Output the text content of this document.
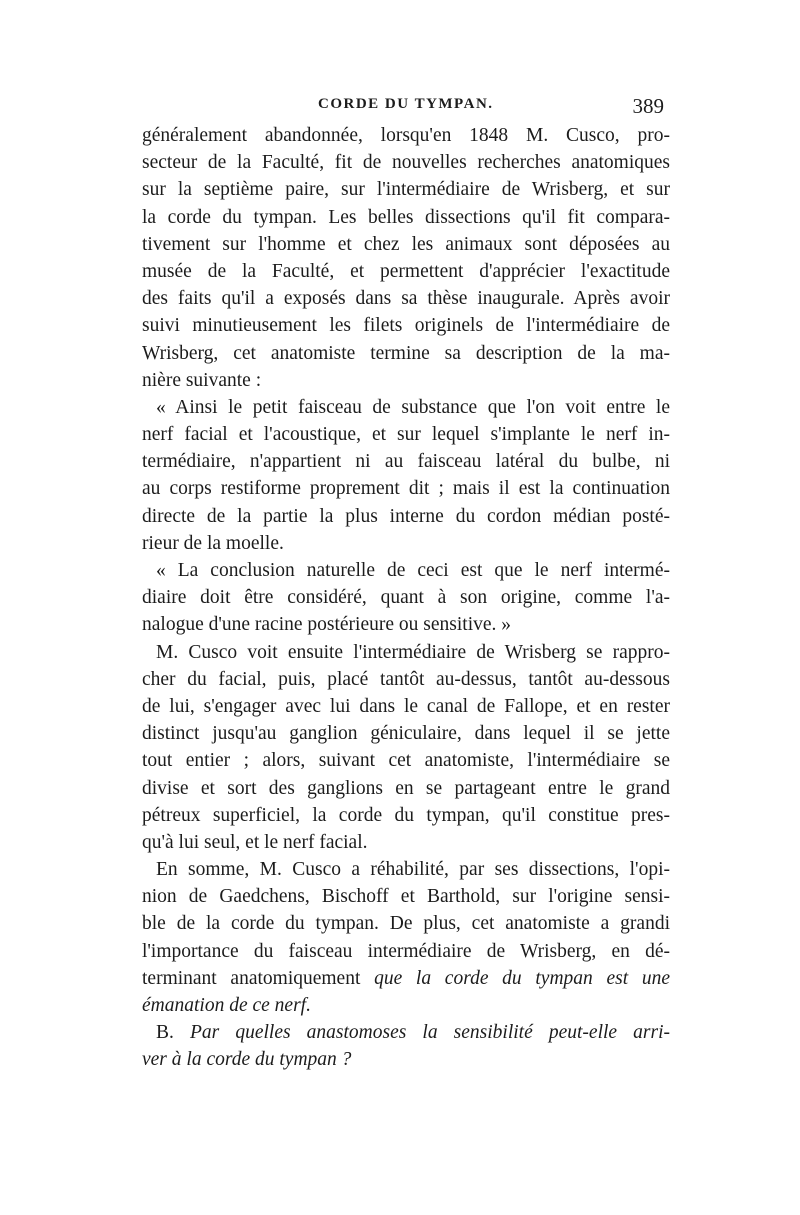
CORDE DU TYMPAN.	389
généralement abandonnée, lorsqu'en 1848 M. Cusco, pro-
secteur de la Faculté, fit de nouvelles recherches anatomiques
sur la septième paire, sur l'intermédiaire de Wrisberg, et sur
la corde du tympan. Les belles dissections qu'il fit compara-
tivement sur l'homme et chez les animaux sont déposées au
musée de la Faculté, et permettent d'apprécier l'exactitude
des faits qu'il a exposés dans sa thèse inaugurale. Après avoir
suivi minutieusement les filets originels de l'intermédiaire de
Wrisberg, cet anatomiste termine sa description de la ma-
nière suivante :
« Ainsi le petit faisceau de substance que l'on voit entre le
nerf facial et l'acoustique, et sur lequel s'implante le nerf in-
termédiaire, n'appartient ni au faisceau latéral du bulbe, ni
au corps restiforme proprement dit ; mais il est la continuation
directe de la partie la plus interne du cordon médian posté-
rieur de la moelle.
« La conclusion naturelle de ceci est que le nerf intermé-
diaire doit être considéré, quant à son origine, comme l'a-
nalogue d'une racine postérieure ou sensitive. »
M. Cusco voit ensuite l'intermédiaire de Wrisberg se rappro-
cher du facial, puis, placé tantôt au-dessus, tantôt au-dessous
de lui, s'engager avec lui dans le canal de Fallope, et en rester
distinct jusqu'au ganglion géniculaire, dans lequel il se jette
tout entier ; alors, suivant cet anatomiste, l'intermédiaire se
divise et sort des ganglions en se partageant entre le grand
pétreux superficiel, la corde du tympan, qu'il constitue pres-
qu'à lui seul, et le nerf facial.
En somme, M. Cusco a réhabilité, par ses dissections, l'opi-
nion de Gaedchens, Bischoff et Barthold, sur l'origine sensi-
ble de la corde du tympan. De plus, cet anatomiste a grandi
l'importance du faisceau intermédiaire de Wrisberg, en dé-
terminant anatomiquement que la corde du tympan est une
émanation de ce nerf.
B. Par quelles anastomoses la sensibilité peut-elle arri-
ver à la corde du tympan ?
